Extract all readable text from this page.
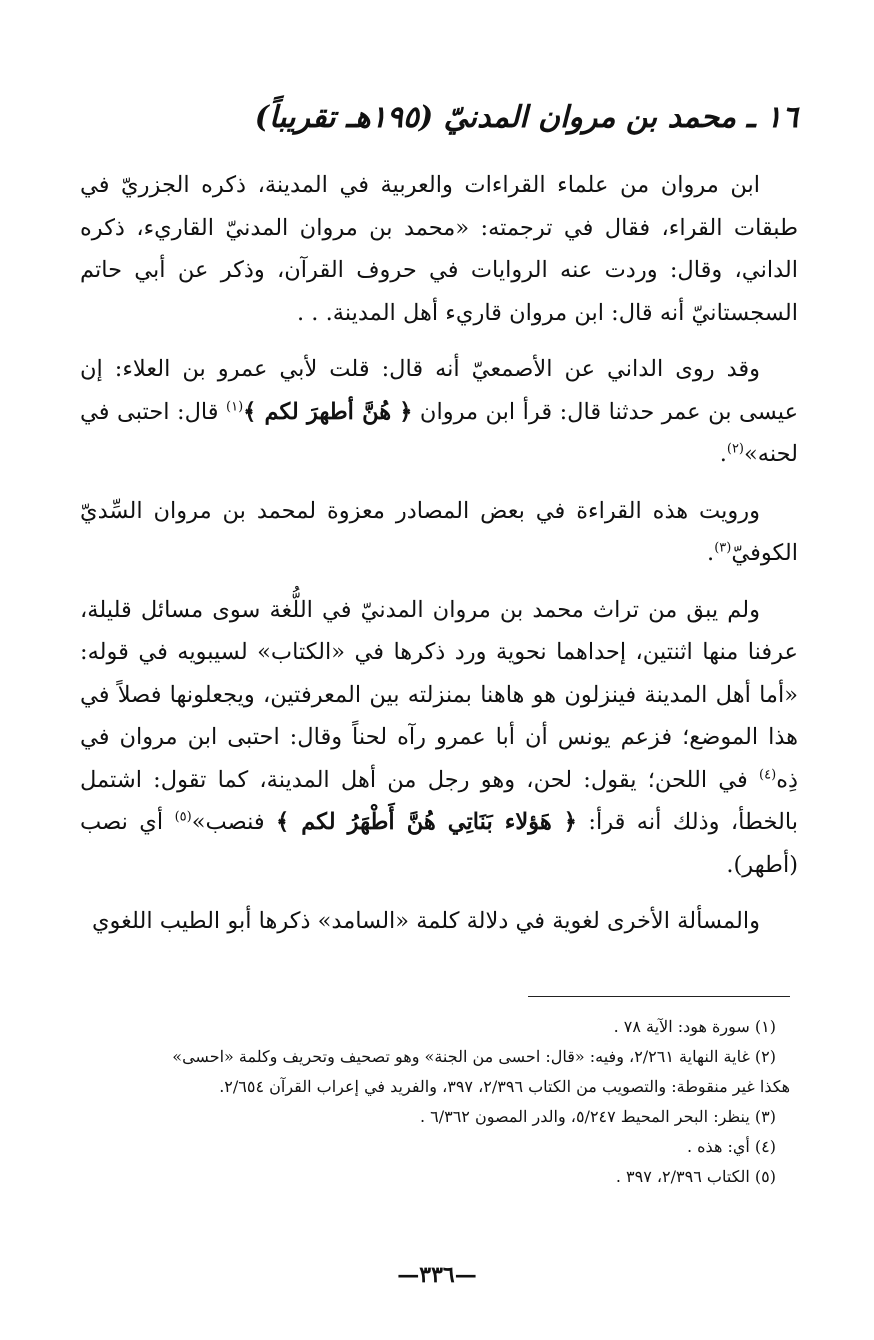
١٦ ـ محمد بن مروان المدنيّ (١٩٥هـ تقريباً)

ابن مروان من علماء القراءات والعربية في المدينة، ذكره الجزريّ في طبقات القراء، فقال في ترجمته: «محمد بن مروان المدنيّ القاريء، ذكره الداني، وقال: وردت عنه الروايات في حروف القرآن، وذكر عن أبي حاتم السجستانيّ أنه قال: ابن مروان قاريء أهل المدينة. . .

وقد روى الداني عن الأصمعيّ أنه قال: قلت لأبي عمرو بن العلاء: إن عيسى بن عمر حدثنا قال: قرأ ابن مروان ﴿ هُنَّ أطهرَ لكم ﴾$^{(١)}$ قال: احتبى في لحنه»$^{(٢)}$.

ورويت هذه القراءة في بعض المصادر معزوة لمحمد بن مروان السِّديّ الكوفيّ$^{(٣)}$.

ولم يبق من تراث محمد بن مروان المدنيّ في اللُّغة سوى مسائل قليلة، عرفنا منها اثنتين، إحداهما نحوية ورد ذكرها في «الكتاب» لسيبويه في قوله: «أما أهل المدينة فينزلون هو هاهنا بمنزلته بين المعرفتين، ويجعلونها فصلاً في هذا الموضع؛ فزعم يونس أن أبا عمرو رآه لحناً وقال: احتبى ابن مروان في ذِه$^{(٤)}$ في اللحن؛ يقول: لحن، وهو رجل من أهل المدينة، كما تقول: اشتمل بالخطأ، وذلك أنه قرأ: ﴿ هَؤلاء بَنَاتِي هُنَّ أَطْهَرُ لكم ﴾ فنصب»$^{(٥)}$ أي نصب (أطهر).

والمسألة الأخرى لغوية في دلالة كلمة «السامد» ذكرها أبو الطيب اللغوي

(١) سورة هود: الآية ٧٨ .

(٢) غاية النهاية ٢/٢٦١، وفيه: «قال: احسى من الجنة» وهو تصحيف وتحريف وكلمة «احسى»

هكذا غير منقوطة: والتصويب من الكتاب ٢/٣٩٦، ٣٩٧، والفريد في إعراب القرآن ٢/٦٥٤.

(٣) ينظر: البحر المحيط ٥/٢٤٧، والدر المصون ٦/٣٦٢ .

(٤) أي: هذه .

(٥) الكتاب ٢/٣٩٦، ٣٩٧ .

—٣٣٦—
